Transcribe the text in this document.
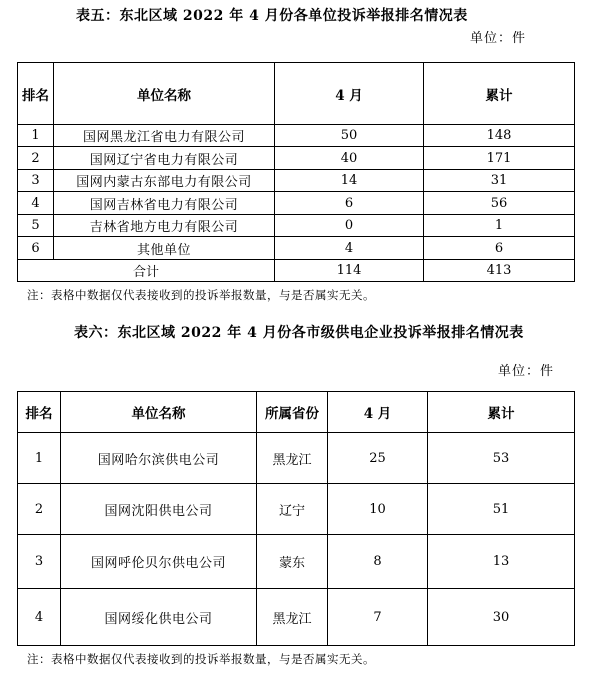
表五：东北区域 2022 年 4 月份各单位投诉举报排名情况表
单位：件
排名	单位名称	4 月	累计
1	国网黑龙江省电力有限公司	50	148
2	国网辽宁省电力有限公司	40	171
3	国网内蒙古东部电力有限公司	14	31
4	国网吉林省电力有限公司	6	56
5	吉林省地方电力有限公司	0	1
6	其他单位	4	6
合计		114	413
注：表格中数据仅代表接收到的投诉举报数量，与是否属实无关。
表六：东北区域 2022 年 4 月份各市级供电企业投诉举报排名情况表
单位：件
排名	单位名称	所属省份	4 月	累计
1	国网哈尔滨供电公司	黑龙江	25	53
2	国网沈阳供电公司	辽宁	10	51
3	国网呼伦贝尔供电公司	蒙东	8	13
4	国网绥化供电公司	黑龙江	7	30
注：表格中数据仅代表接收到的投诉举报数量，与是否属实无关。
